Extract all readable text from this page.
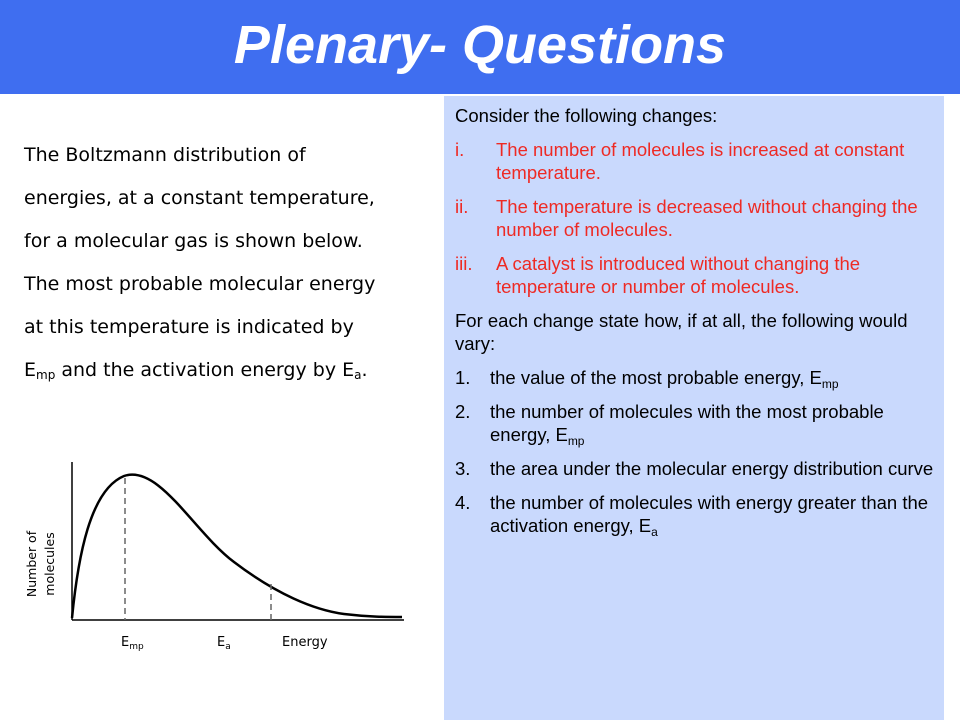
Plenary- Questions
The Boltzmann distribution of
energies, at a constant temperature,
for a molecular gas is shown below.
The most probable molecular energy
at this temperature is indicated by
$E_{mp}$ and the activation energy by $E_a$.

Consider the following changes:

i. The number of molecules is increased at constant temperature.
ii. The temperature is decreased without changing the number of molecules.
iii. A catalyst is introduced without changing the temperature or number of molecules.

For each change state how, if at all, the following would vary:

1. the value of the most probable energy, $E_{mp}$
2. the number of molecules with the most probable energy, $E_{mp}$
3. the area under the molecular energy distribution curve
4. the number of molecules with energy greater than the activation energy, $E_a$
Number of molecules
$E_{mp}$	$E_a$	Energy
